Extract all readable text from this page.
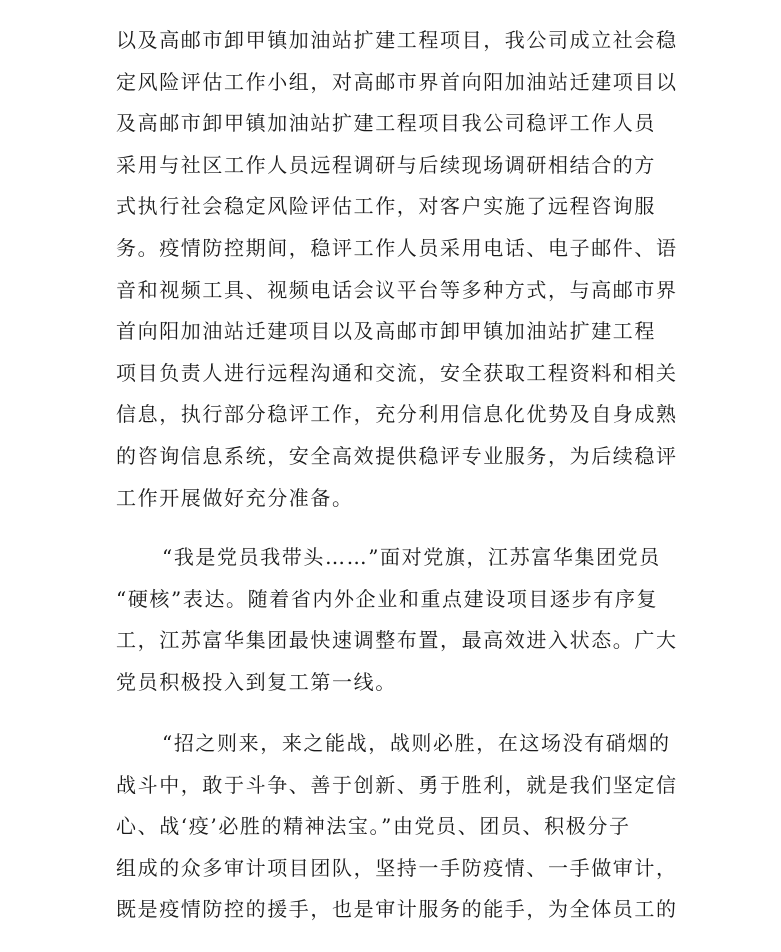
以及高邮市卸甲镇加油站扩建工程项目，我公司成立社会稳
定风险评估工作小组，对高邮市界首向阳加油站迁建项目以
及高邮市卸甲镇加油站扩建工程项目我公司稳评工作人员
采用与社区工作人员远程调研与后续现场调研相结合的方
式执行社会稳定风险评估工作，对客户实施了远程咨询服
务。疫情防控期间，稳评工作人员采用电话、电子邮件、语
音和视频工具、视频电话会议平台等多种方式，与高邮市界
首向阳加油站迁建项目以及高邮市卸甲镇加油站扩建工程
项目负责人进行远程沟通和交流，安全获取工程资料和相关
信息，执行部分稳评工作，充分利用信息化优势及自身成熟
的咨询信息系统，安全高效提供稳评专业服务，为后续稳评
工作开展做好充分准备。
“我是党员我带头……”面对党旗，江苏富华集团党员
“硬核”表达。随着省内外企业和重点建设项目逐步有序复
工，江苏富华集团最快速调整布置，最高效进入状态。广大
党员积极投入到复工第一线。
“招之则来，来之能战，战则必胜，在这场没有硝烟的
战斗中，敢于斗争、善于创新、勇于胜利，就是我们坚定信
心、战‘疫’必胜的精神法宝。”由党员、团员、积极分子
组成的众多审计项目团队，坚持一手防疫情、一手做审计，
既是疫情防控的援手，也是审计服务的能手，为全体员工的
